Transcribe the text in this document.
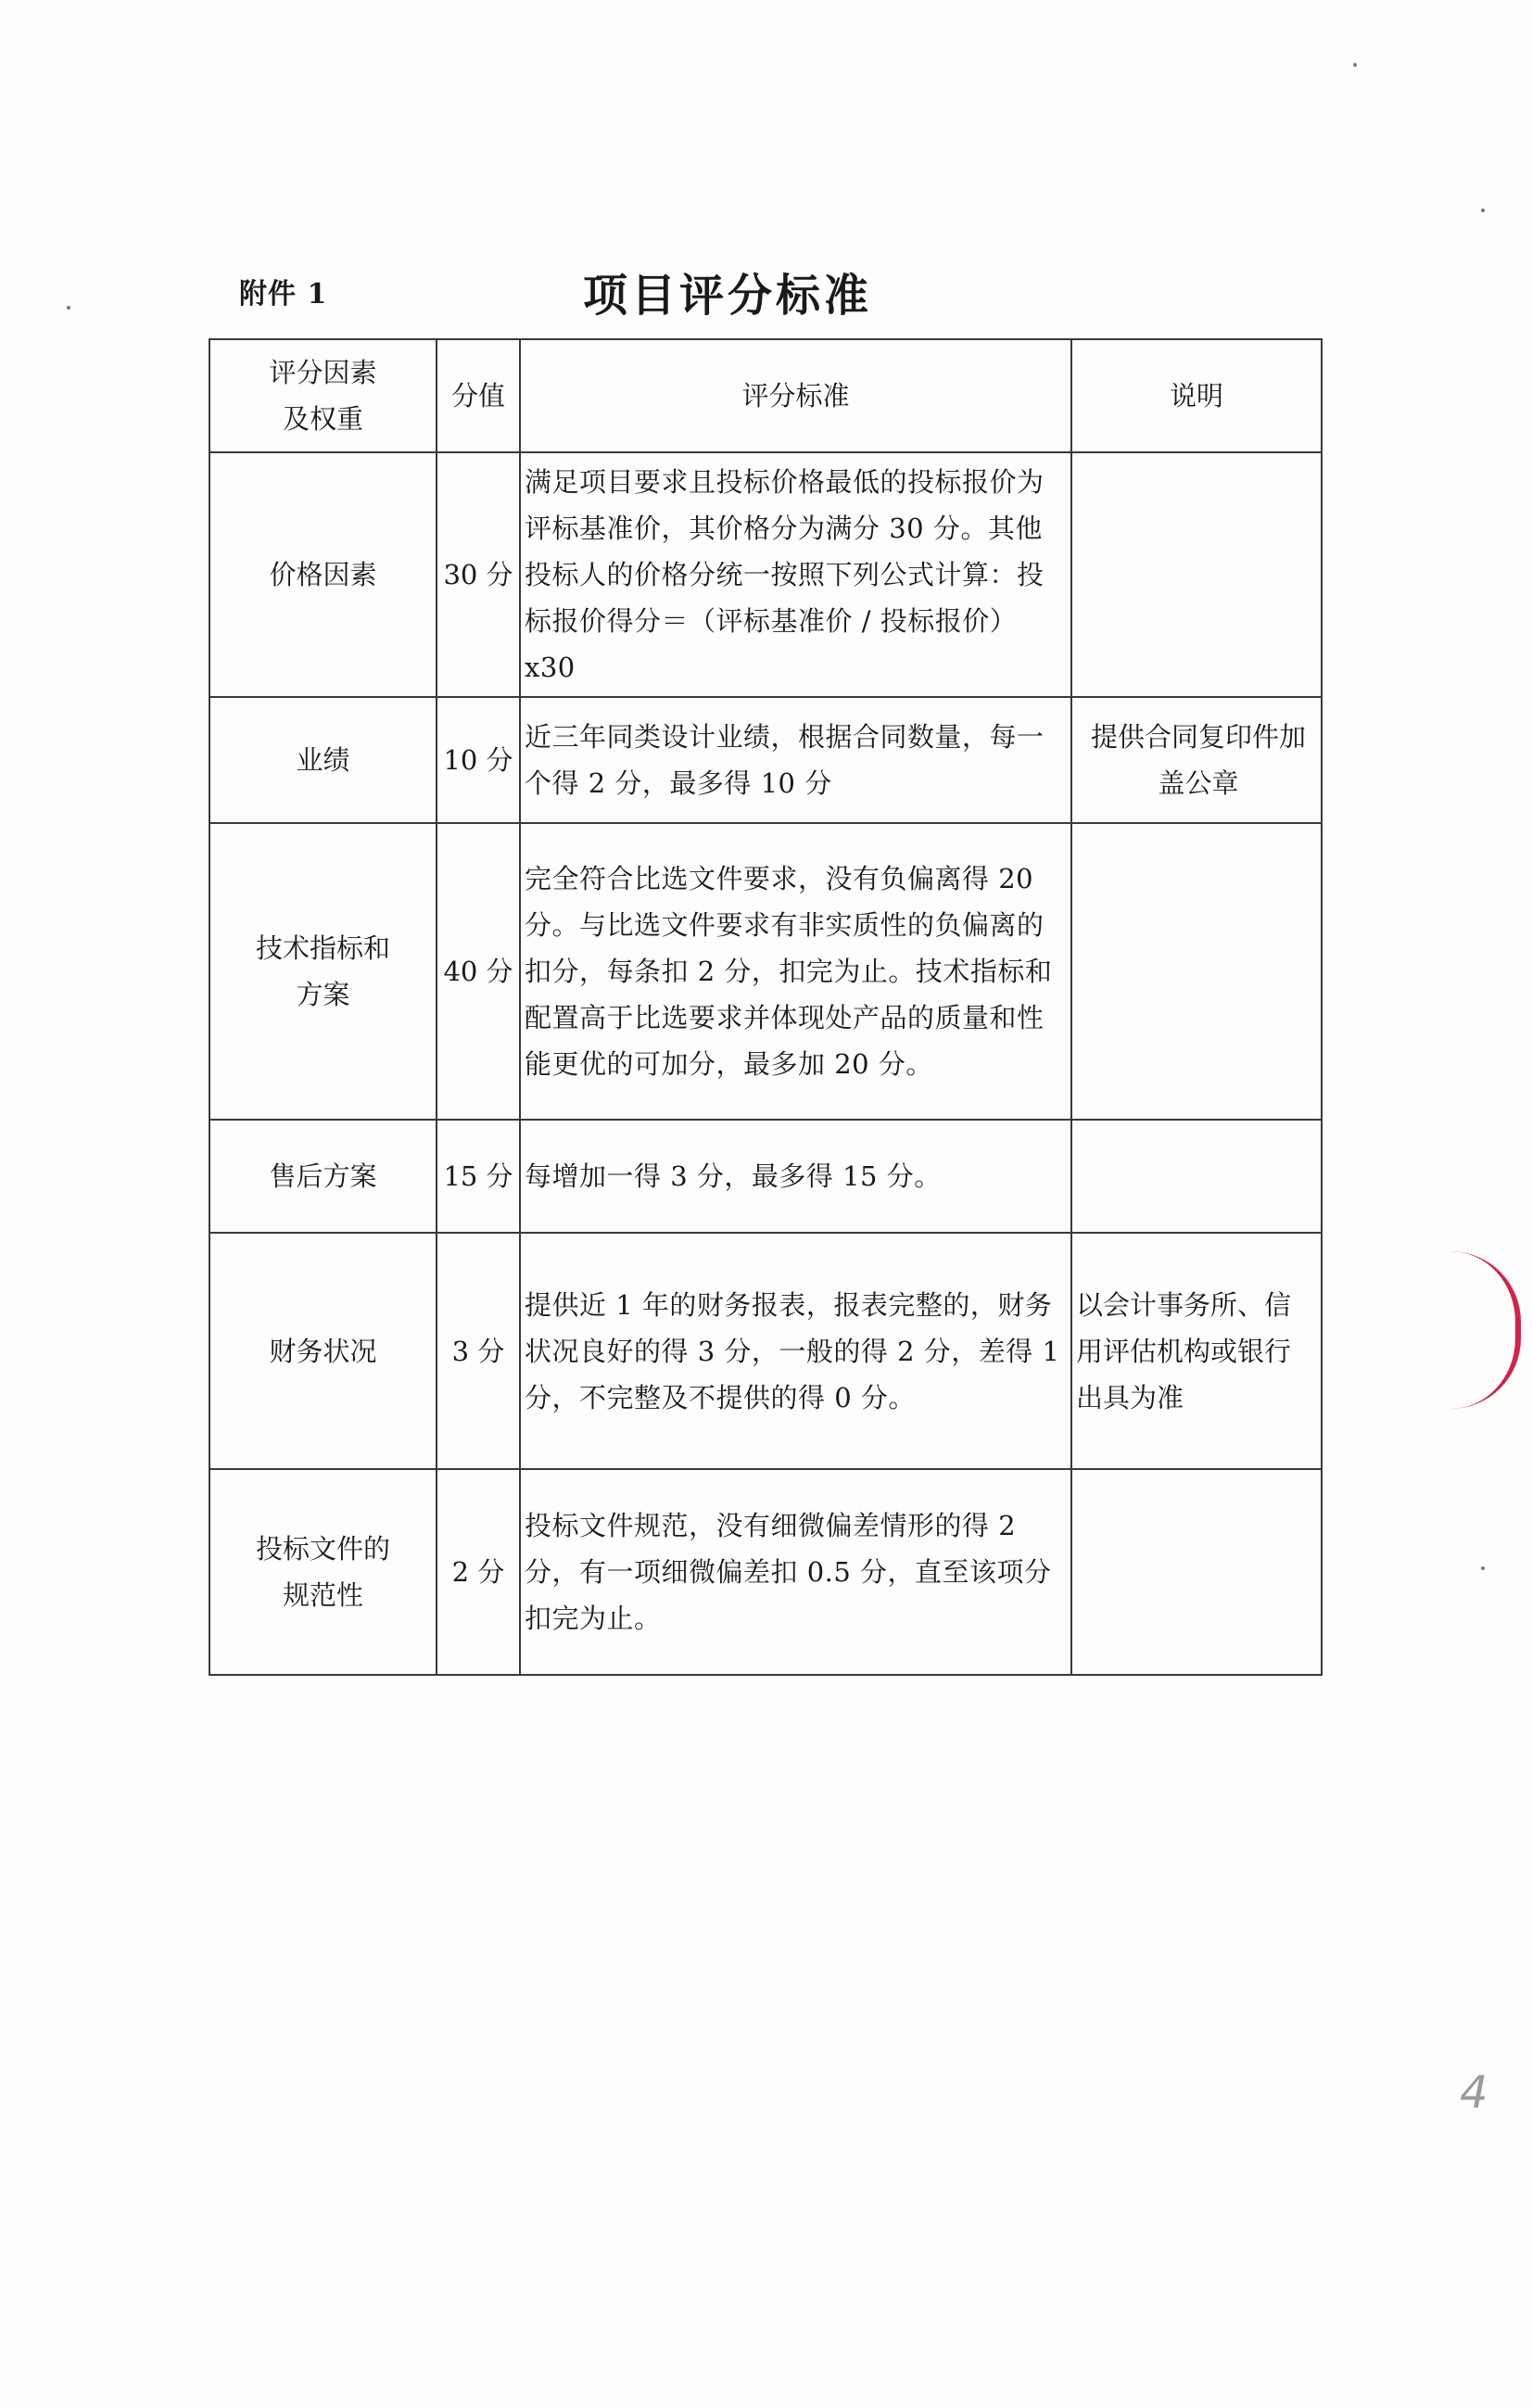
附件 1	项目评分标准
评分因素及权重	分值	评分标准	说明
价格因素	30 分	满足项目要求且投标价格最低的投标报价为评标基准价，其价格分为满分 30 分。其他投标人的价格分统一按照下列公式计算：投标报价得分＝（评标基准价 / 投标报价）x30	
业绩	10 分	近三年同类设计业绩，根据合同数量，每一个得 2 分，最多得 10 分	提供合同复印件加盖公章

技术指标和方案	40 分	完全符合比选文件要求，没有负偏离得 20 分。与比选文件要求有非实质性的负偏离的扣分，每条扣 2 分，扣完为止。技术指标和配置高于比选要求并体现处产品的质量和性能更优的可加分，最多加 20 分。	
售后方案	15 分	每增加一得 3 分，最多得 15 分。	
财务状况	3 分	提供近 1 年的财务报表，报表完整的，财务状况良好的得 3 分，一般的得 2 分，差得 1 分，不完整及不提供的得 0 分。	以会计事务所、信用评估机构或银行出具为准

投标文件的规范性	2 分	投标文件规范，没有细微偏差情形的得 2 分，有一项细微偏差扣 0.5 分，直至该项分扣完为止。	
4
